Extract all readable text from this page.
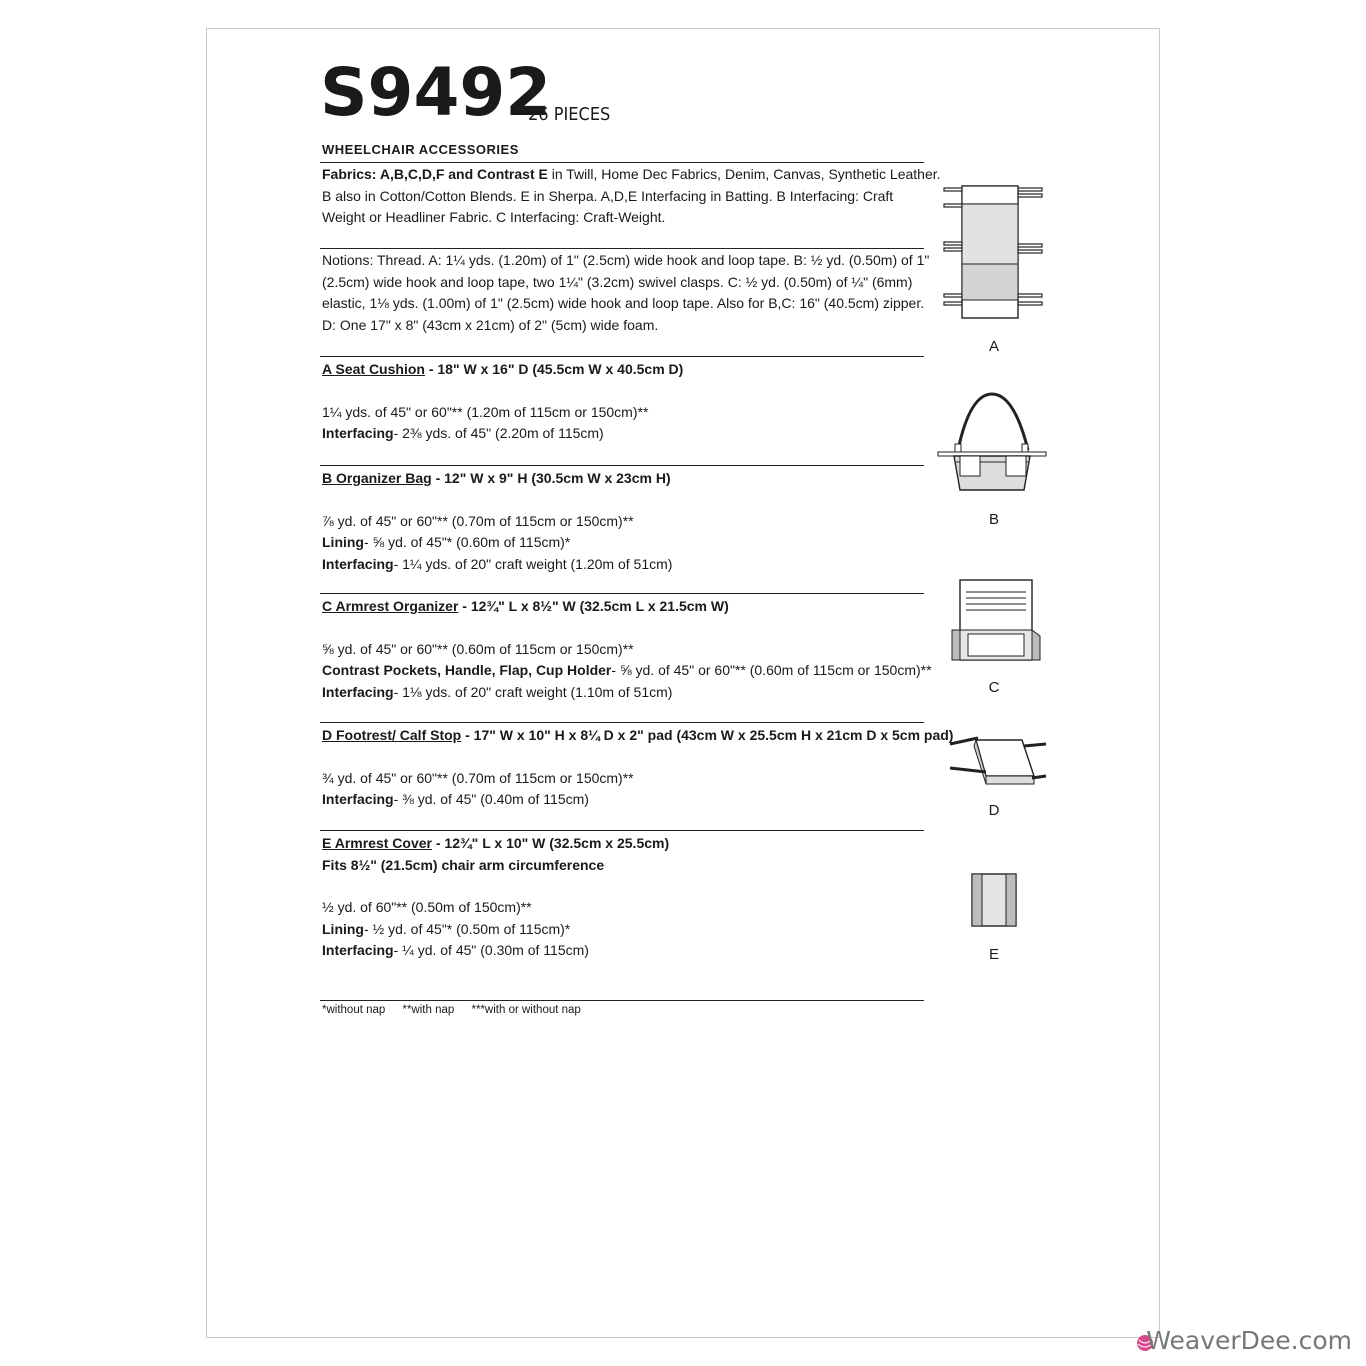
S9492
26 PIECES
WHEELCHAIR ACCESSORIES
Fabrics: A,B,C,D,F and Contrast E in Twill, Home Dec Fabrics, Denim, Canvas, Synthetic Leather.
B also in Cotton/Cotton Blends. E in Sherpa. A,D,E Interfacing in Batting. B Interfacing: Craft
Weight or Headliner Fabric. C Interfacing: Craft-Weight.
Notions: Thread. A: 1¼ yds. (1.20m) of 1" (2.5cm) wide hook and loop tape. B: ½ yd. (0.50m) of 1"
(2.5cm) wide hook and loop tape, two 1¼" (3.2cm) swivel clasps. C: ½ yd. (0.50m) of ¼" (6mm)
elastic, 1⅛ yds. (1.00m) of 1" (2.5cm) wide hook and loop tape. Also for B,C: 16" (40.5cm) zipper.
D: One 17" x 8" (43cm x 21cm) of 2" (5cm) wide foam.
A Seat Cushion - 18" W x 16" D (45.5cm W x 40.5cm D)
1¼ yds. of 45" or 60"** (1.20m of 115cm or 150cm)**
Interfacing- 2⅜ yds. of 45" (2.20m of 115cm)
B Organizer Bag - 12" W x 9" H (30.5cm W x 23cm H)
⅞ yd. of 45" or 60"** (0.70m of 115cm or 150cm)**
Lining- ⅝ yd. of 45"* (0.60m of 115cm)*
Interfacing- 1¼ yds. of 20" craft weight (1.20m of 51cm)
C Armrest Organizer - 12¾" L x 8½" W (32.5cm L x 21.5cm W)
⅝ yd. of 45" or 60"** (0.60m of 115cm or 150cm)**
Contrast Pockets, Handle, Flap, Cup Holder- ⅝ yd. of 45" or 60"** (0.60m of 115cm or 150cm)**
Interfacing- 1⅛ yds. of 20" craft weight (1.10m of 51cm)
D Footrest/ Calf Stop - 17" W x 10" H x 8¼ D x 2" pad (43cm W x 25.5cm H x 21cm D x 5cm pad)
¾ yd. of 45" or 60"** (0.70m of 115cm or 150cm)**
Interfacing- ⅜ yd. of 45" (0.40m of 115cm)
E Armrest Cover - 12¾" L x 10" W (32.5cm x 25.5cm)
Fits 8½" (21.5cm) chair arm circumference
½ yd. of 60"** (0.50m of 150cm)**
Lining- ½ yd. of 45"* (0.50m of 115cm)*
Interfacing- ¼ yd. of 45" (0.30m of 115cm)
*without nap **with nap ***with or without nap
A
B
C
D
E
WeaverDee.com
